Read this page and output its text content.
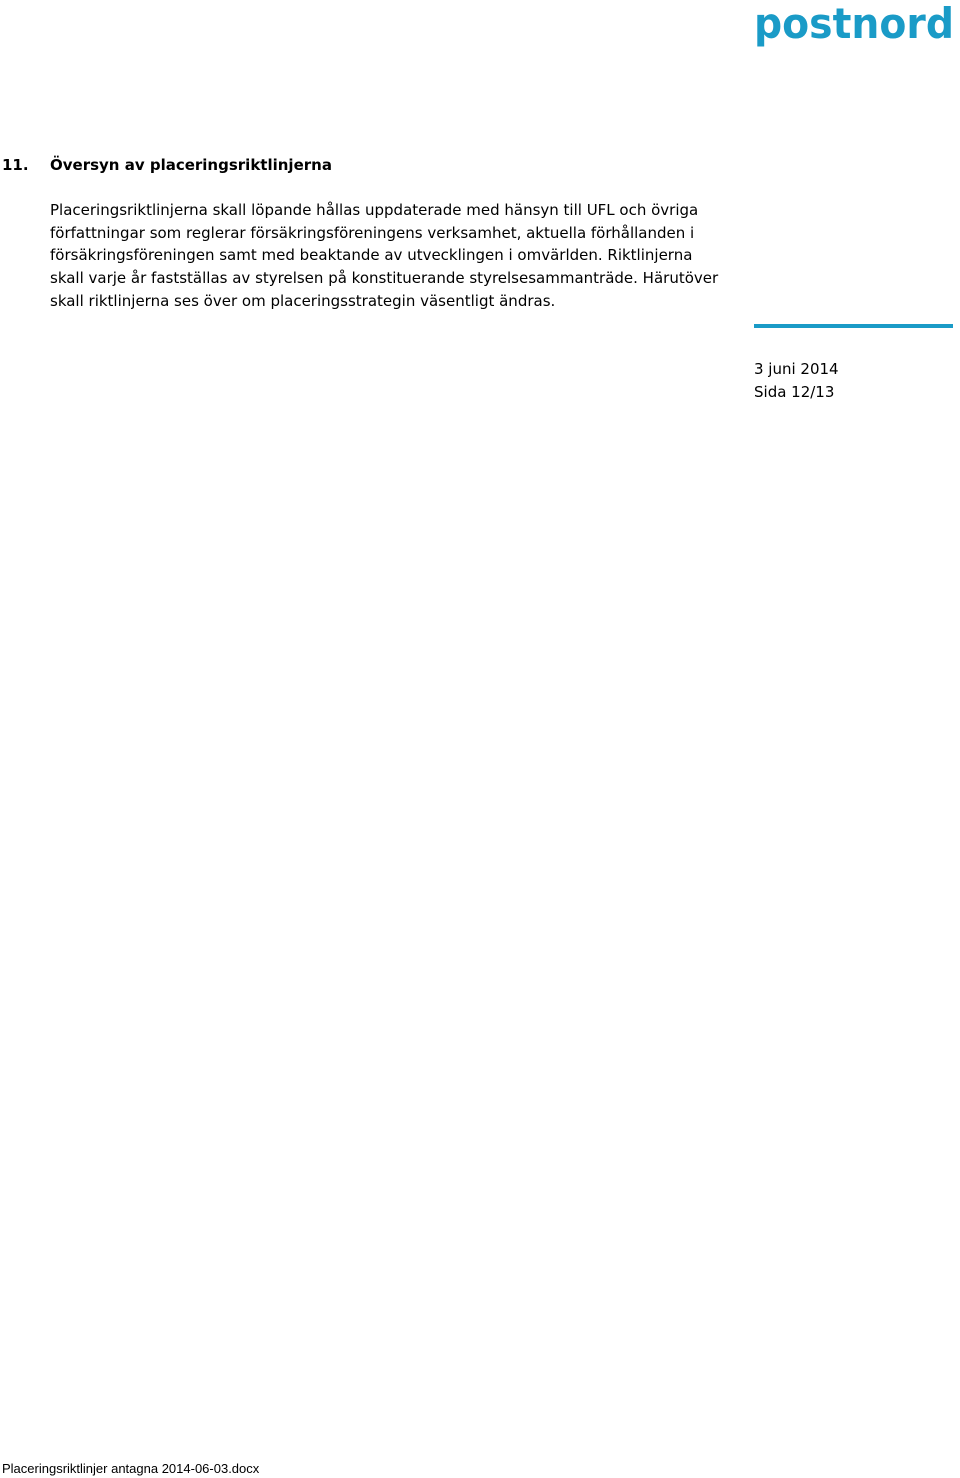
postnord
11. Översyn av placeringsriktlinjerna
Placeringsriktlinjerna skall löpande hållas uppdaterade med hänsyn till UFL och övriga
författningar som reglerar försäkringsföreningens verksamhet, aktuella förhållanden i
försäkringsföreningen samt med beaktande av utvecklingen i omvärlden. Riktlinjerna
skall varje år fastställas av styrelsen på konstituerande styrelsesammanträde. Härutöver
skall riktlinjerna ses över om placeringsstrategin väsentligt ändras.
3 juni 2014
Sida 12/13
Placeringsriktlinjer antagna 2014-06-03.docx
